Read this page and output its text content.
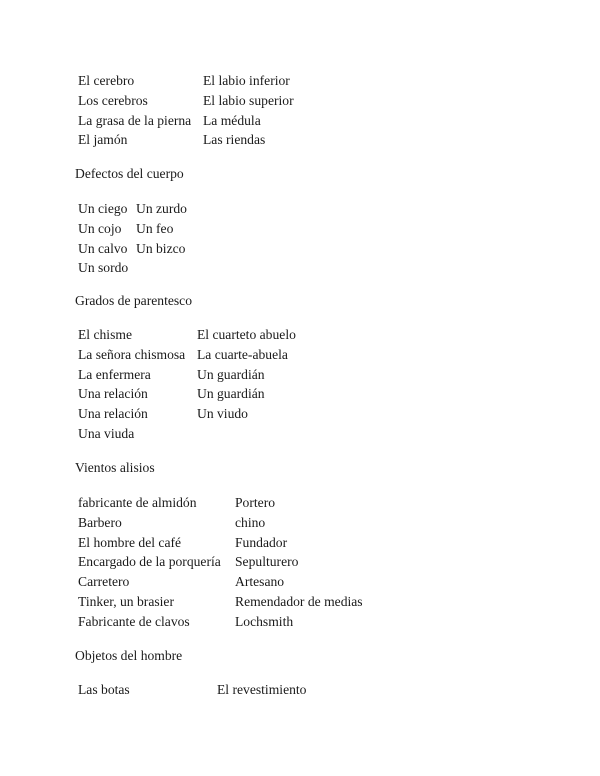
El cerebro	El labio inferior
Los cerebros	El labio superior
La grasa de la pierna	La médula
El jamón	Las riendas
Defectos del cuerpo
Un ciego	Un zurdo
Un cojo	Un feo
Un calvo	Un bizco
Un sordo	
Grados de parentesco
El chisme	El cuarteto abuelo
La señora chismosa	La cuarte-abuela
La enfermera	Un guardián
Una relación	Un guardián
Una relación	Un viudo
Una viuda	
Vientos alisios
fabricante de almidón	Portero
Barbero	chino
El hombre del café	Fundador
Encargado de la porquería	Sepulturero
Carretero	Artesano
Tinker, un brasier	Remendador de medias
Fabricante de clavos	Lochsmith
Objetos del hombre
Las botas	El revestimiento
